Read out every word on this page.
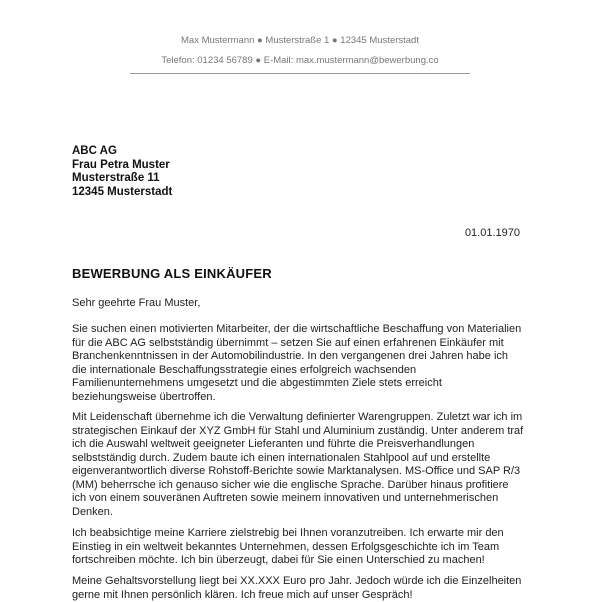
Max Mustermann ● Musterstraße 1 ● 12345 Musterstadt
Telefon: 01234 56789 ● E-Mail: max.mustermann@bewerbung.co
ABC AG
Frau Petra Muster
Musterstraße 11
12345 Musterstadt
01.01.1970
BEWERBUNG ALS EINKÄUFER
Sehr geehrte Frau Muster,
Sie suchen einen motivierten Mitarbeiter, der die wirtschaftliche Beschaffung von Materialien
für die ABC AG selbstständig übernimmt – setzen Sie auf einen erfahrenen Einkäufer mit
Branchenkenntnissen in der Automobilindustrie. In den vergangenen drei Jahren habe ich
die internationale Beschaffungsstrategie eines erfolgreich wachsenden
Familienunternehmens umgesetzt und die abgestimmten Ziele stets erreicht
beziehungsweise übertroffen.
Mit Leidenschaft übernehme ich die Verwaltung definierter Warengruppen. Zuletzt war ich im
strategischen Einkauf der XYZ GmbH für Stahl und Aluminium zuständig. Unter anderem traf
ich die Auswahl weltweit geeigneter Lieferanten und führte die Preisverhandlungen
selbstständig durch. Zudem baute ich einen internationalen Stahlpool auf und erstellte
eigenverantwortlich diverse Rohstoff-Berichte sowie Marktanalysen. MS-Office und SAP R/3
(MM) beherrsche ich genauso sicher wie die englische Sprache. Darüber hinaus profitiere
ich von einem souveränen Auftreten sowie meinem innovativen und unternehmerischen
Denken.
Ich beabsichtige meine Karriere zielstrebig bei Ihnen voranzutreiben. Ich erwarte mir den
Einstieg in ein weltweit bekanntes Unternehmen, dessen Erfolgsgeschichte ich im Team
fortschreiben möchte. Ich bin überzeugt, dabei für Sie einen Unterschied zu machen!
Meine Gehaltsvorstellung liegt bei XX.XXX Euro pro Jahr. Jedoch würde ich die Einzelheiten
gerne mit Ihnen persönlich klären. Ich freue mich auf unser Gespräch!
